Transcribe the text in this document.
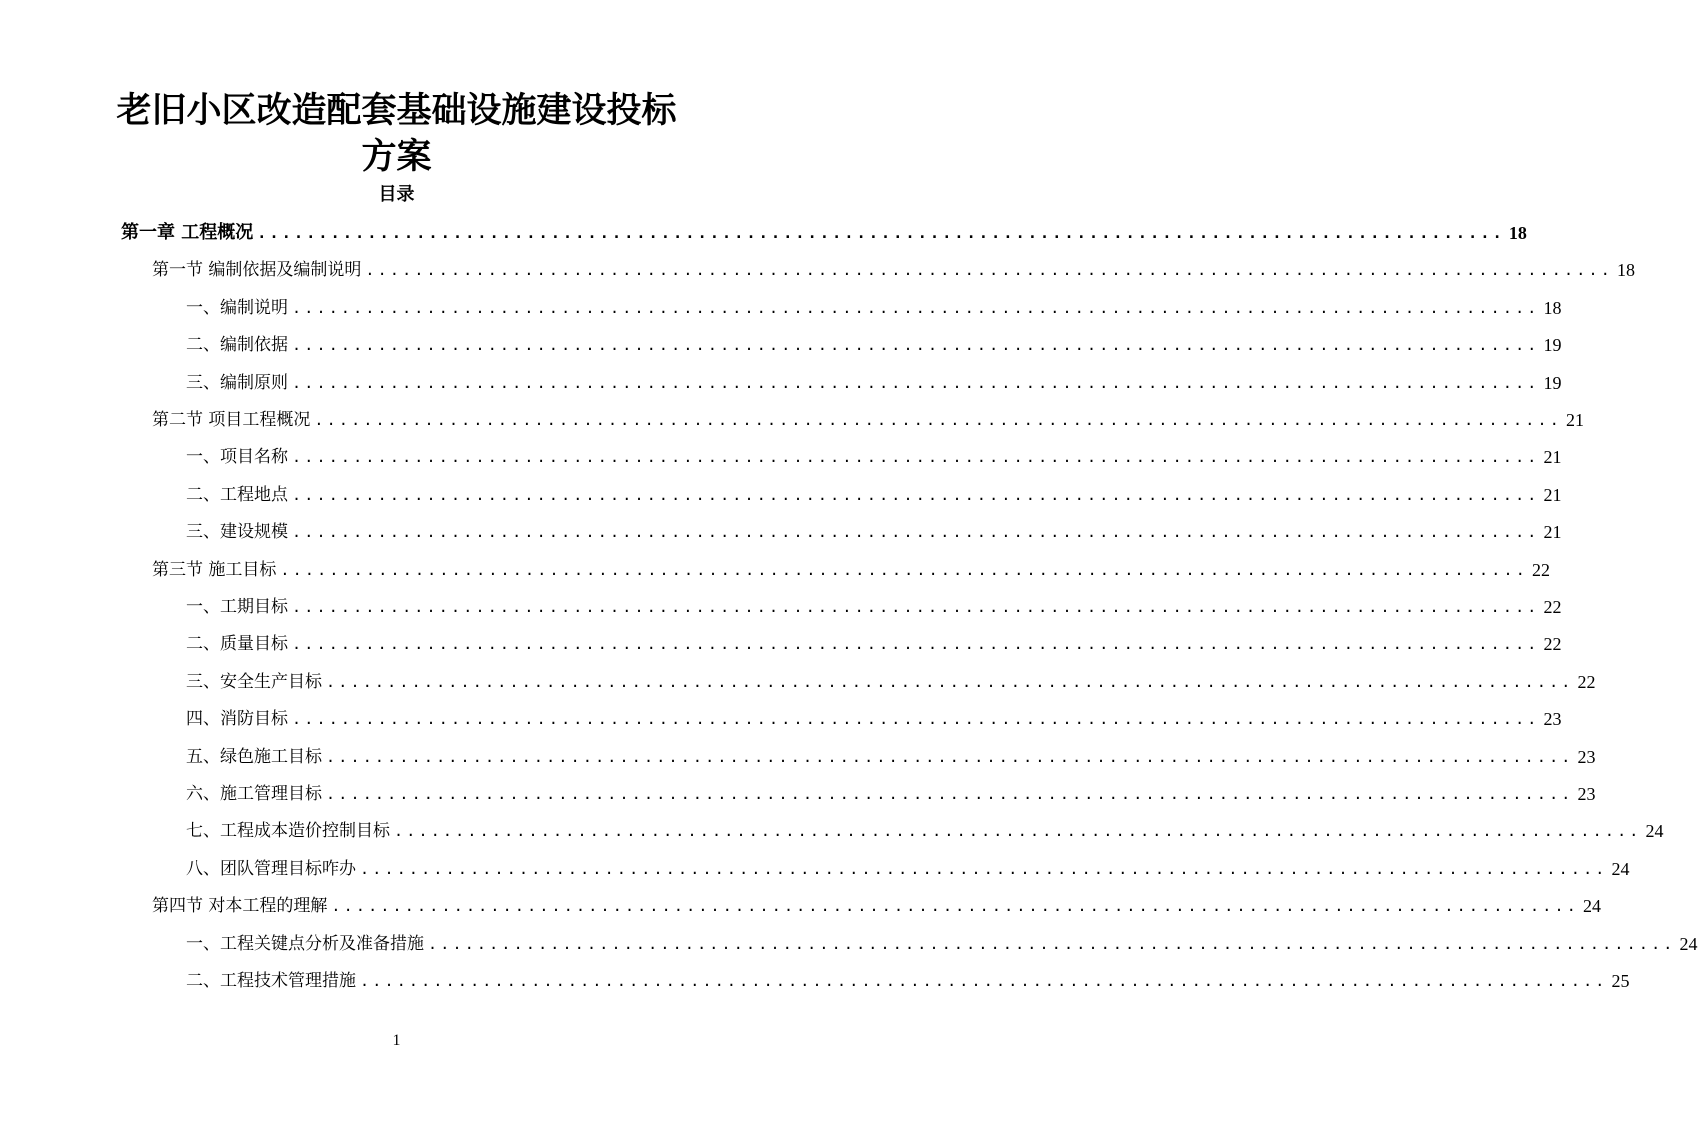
老旧小区改造配套基础设施建设投标方案
目录
第一章 工程概况 ...................................................................................................... 18
第一节 编制依据及编制说明 ...................................................................................................... 18
一、编制说明 ...................................................................................................... 18
二、编制依据 ...................................................................................................... 19
三、编制原则 ...................................................................................................... 19
第二节 项目工程概况 ...................................................................................................... 21
一、项目名称 ...................................................................................................... 21
二、工程地点 ...................................................................................................... 21
三、建设规模 ...................................................................................................... 21
第三节 施工目标 ...................................................................................................... 22
一、工期目标 ...................................................................................................... 22
二、质量目标 ...................................................................................................... 22
三、安全生产目标 ...................................................................................................... 22
四、消防目标 ...................................................................................................... 23
五、绿色施工目标 ...................................................................................................... 23
六、施工管理目标 ...................................................................................................... 23
七、工程成本造价控制目标 ...................................................................................................... 24
八、团队管理目标咋办 ...................................................................................................... 24
第四节 对本工程的理解 ...................................................................................................... 24
一、工程关键点分析及准备措施 ...................................................................................................... 24
二、工程技术管理措施 ...................................................................................................... 25
1
